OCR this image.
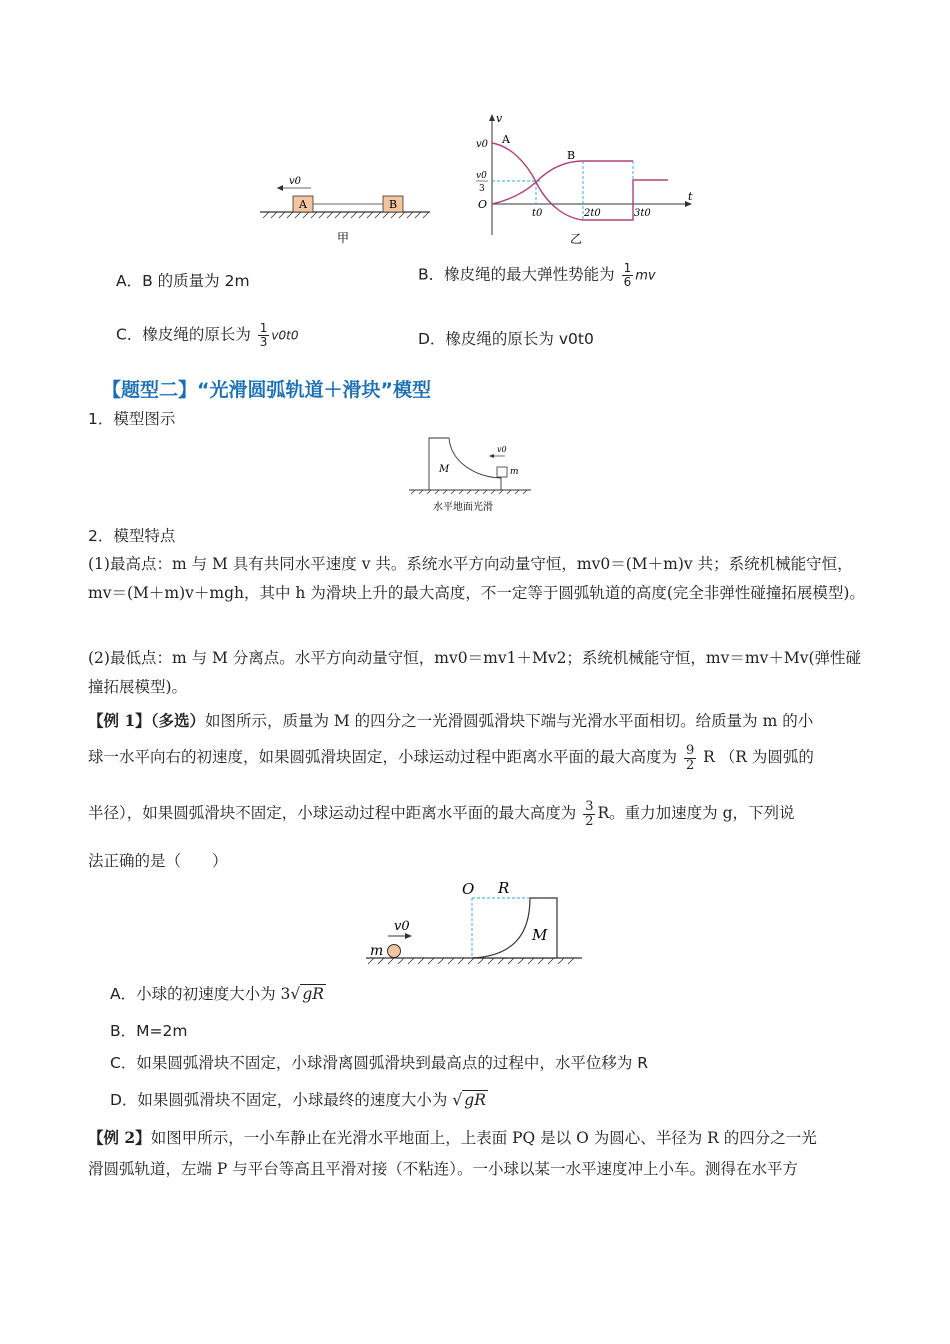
v0
A	B
甲
v
t
O
v0
v0
3
A
B
t0	2t0	3t0
乙
A．B 的质量为 2m	B．橡皮绳的最大弹性势能为 $\frac{1}{6}$ mv
C．橡皮绳的原长为 $\frac{1}{3} v0t0$	D．橡皮绳的原长为 v0t0
【题型二】“光滑圆弧轨道＋滑块”模型
1．模型图示
v0
m
M
水平地面光滑
2．模型特点
(1)最高点：m 与 M 具有共同水平速度 v 共。系统水平方向动量守恒，mv0＝(M＋m)v 共；系统机械能守恒，mv＝(M＋m)v＋mgh，其中 h 为滑块上升的最大高度，不一定等于圆弧轨道的高度(完全非弹性碰撞拓展模型)。
(2)最低点：m 与 M 分离点。水平方向动量守恒，mv0＝mv1＋Mv2；系统机械能守恒，mv＝mv＋Mv(弹性碰撞拓展模型)。
【例 1】（多选）如图所示，质量为 M 的四分之一光滑圆弧滑块下端与光滑水平面相切。给质量为 m 的小
球一水平向右的初速度，如果圆弧滑块固定，小球运动过程中距离水平面的最大高度为 $\frac{9}{2}$ R （R 为圆弧的
半径），如果圆弧滑块不固定，小球运动过程中距离水平面的最大高度为 $\frac{3}{2}$ R。重力加速度为 g，下列说
法正确的是（　　）
v0
m
O R
M
A．小球的初速度大小为 3√ gR
B．M=2m
C．如果圆弧滑块不固定，小球滑离圆弧滑块到最高点的过程中，水平位移为 R
D．如果圆弧滑块不固定，小球最终的速度大小为 √ gR
【例 2】如图甲所示，一小车静止在光滑水平地面上，上表面 PQ 是以 O 为圆心、半径为 R 的四分之一光
滑圆弧轨道，左端 P 与平台等高且平滑对接（不粘连）。一小球以某一水平速度冲上小车。测得在水平方
